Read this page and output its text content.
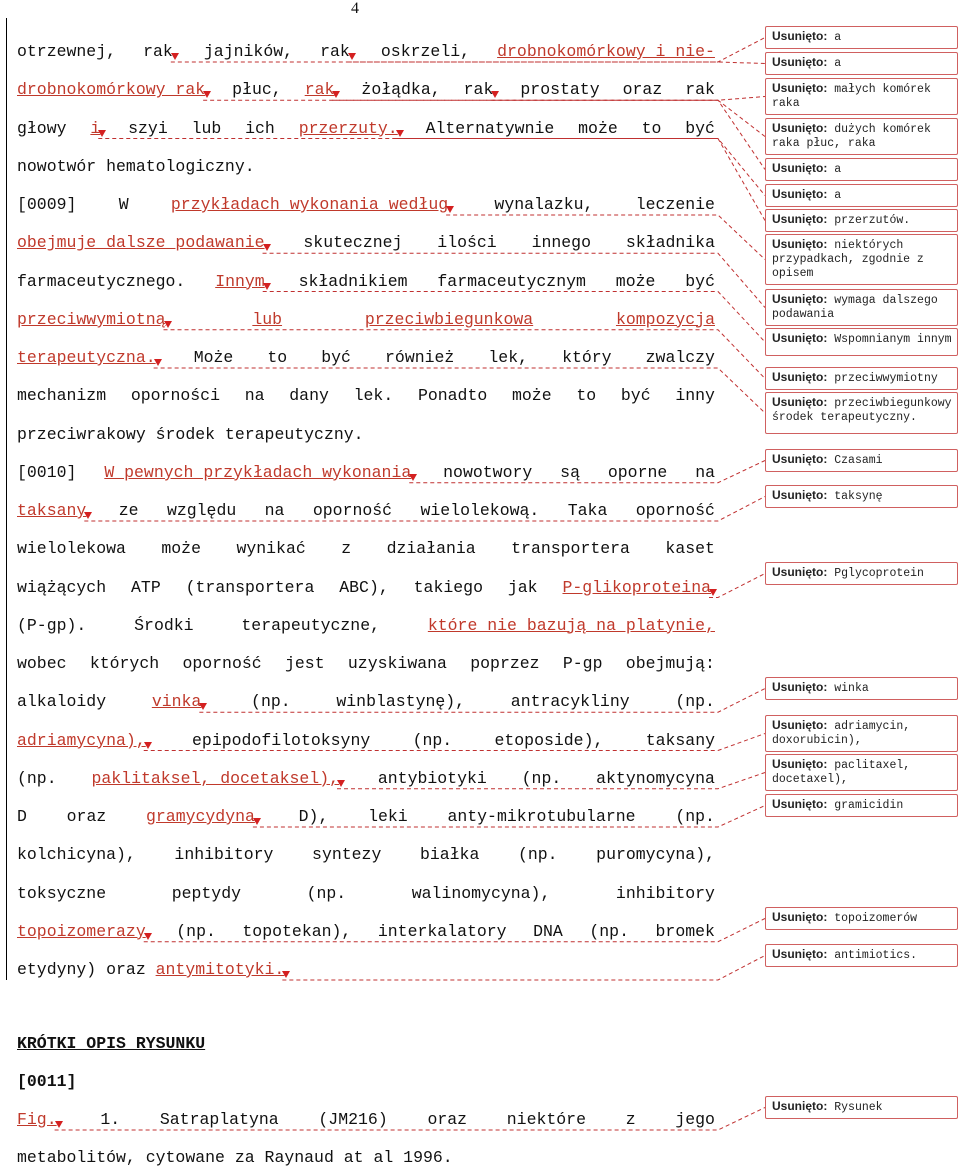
4
otrzewnej, rak jajników, rak oskrzeli, drobnokomórkowy i nie-
drobnokomórkowy rak płuc, rak żołądka, rak prostaty oraz rak
głowy i szyi lub ich przerzuty. Alternatywnie może to być
nowotwór hematologiczny.
[0009]	W	przykładach wykonania według	wynalazku,	leczenie
obejmuje dalsze podawanie skutecznej ilości innego składnika
farmaceutycznego. Innym składnikiem farmaceutycznym może być
przeciwwymiotną	lub	przeciwbiegunkowa	kompozycja
terapeutyczna. Może to być również lek, który zwalczy
mechanizm oporności na dany lek. Ponadto może to być inny
przeciwrakowy środek terapeutyczny.
[0010] W pewnych przykładach wykonania nowotwory są oporne na
taksany ze względu na oporność wielolekową. Taka oporność
wielolekowa może wynikać z działania transportera kaset
wiążących ATP (transportera ABC), takiego jak P-glikoproteina
(P-gp).	Środki	terapeutyczne,	które nie bazują na platynie,
wobec których oporność jest uzyskiwana poprzez P-gp obejmują:
alkaloidy	vinka	(np.	winblastynę),	antracykliny	(np.
adriamycyna),	epipodofilotoksyny	(np.	etoposide),	taksany
(np. paklitaksel, docetaksel), antybiotyki (np. aktynomycyna
D oraz gramycydyna	D), leki anty-mikrotubularne (np.
kolchicyna), inhibitory syntezy białka (np. puromycyna),
toksyczne	peptydy	(np.	walinomycyna),	inhibitory
topoizomerazy (np. topotekan), interkalatory DNA (np. bromek
etydyny) oraz antymitotyki.
KRÓTKI OPIS RYSUNKU
[0011]
Fig.	1. Satraplatyna (JM216) oraz niektóre z jego
metabolitów, cytowane za Raynaud at al 1996.
Usunięto: a
Usunięto: a
Usunięto: małych komórek raka
Usunięto: dużych komórek raka płuc, raka
Usunięto: a
Usunięto: a
Usunięto: przerzutów.
Usunięto: niektórych przypadkach, zgodnie z opisem
Usunięto: wymaga dalszego podawania
Usunięto: Wspomnianym innym
Usunięto: przeciwwymiotny
Usunięto: przeciwbiegunkowy środek terapeutyczny.
Usunięto: Czasami
Usunięto: taksynę
Usunięto: Pglycoprotein
Usunięto: winka
Usunięto: adriamycin, doxorubicin),
Usunięto: paclitaxel, docetaxel),
Usunięto: gramicidin
Usunięto: topoizomerów
Usunięto: antimiotics.
Usunięto: Rysunek
